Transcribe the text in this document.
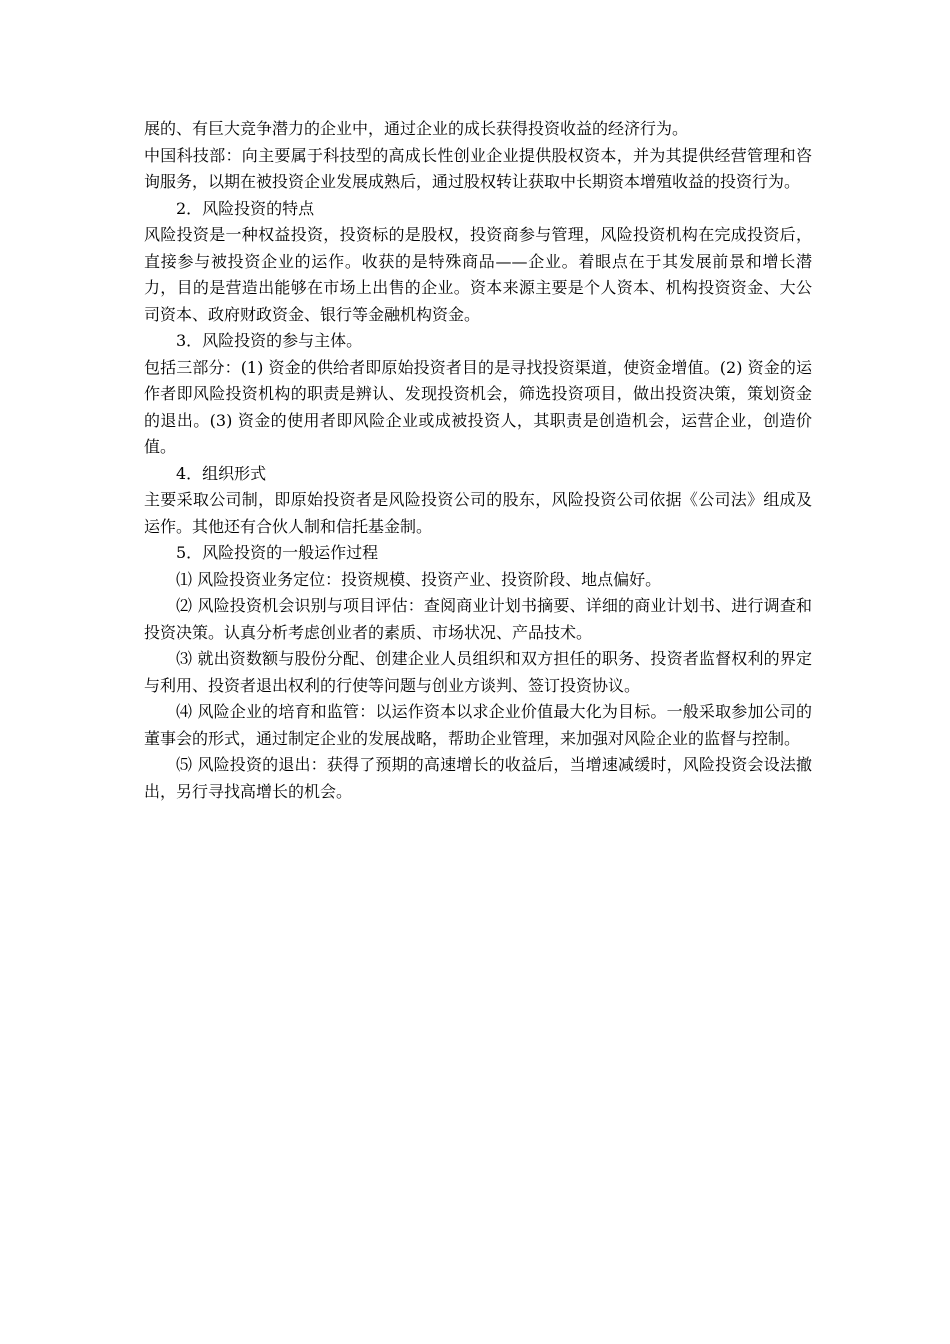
展的、有巨大竞争潜力的企业中，通过企业的成长获得投资收益的经济行为。

中国科技部：向主要属于科技型的高成长性创业企业提供股权资本，并为其提供经营管理和咨询服务，以期在被投资企业发展成熟后，通过股权转让获取中长期资本增殖收益的投资行为。

2．风险投资的特点

风险投资是一种权益投资，投资标的是股权，投资商参与管理，风险投资机构在完成投资后，直接参与被投资企业的运作。收获的是特殊商品——企业。着眼点在于其发展前景和增长潜力，目的是营造出能够在市场上出售的企业。资本来源主要是个人资本、机构投资资金、大公司资本、政府财政资金、银行等金融机构资金。

3．风险投资的参与主体。

包括三部分：(1) 资金的供给者即原始投资者目的是寻找投资渠道，使资金增值。(2) 资金的运作者即风险投资机构的职责是辨认、发现投资机会，筛选投资项目，做出投资决策，策划资金的退出。(3) 资金的使用者即风险企业或成被投资人，其职责是创造机会，运营企业，创造价值。

4．组织形式

主要采取公司制，即原始投资者是风险投资公司的股东，风险投资公司依据《公司法》组成及运作。其他还有合伙人制和信托基金制。

5．风险投资的一般运作过程

⑴ 风险投资业务定位：投资规模、投资产业、投资阶段、地点偏好。

⑵ 风险投资机会识别与项目评估：查阅商业计划书摘要、详细的商业计划书、进行调查和投资决策。认真分析考虑创业者的素质、市场状况、产品技术。

⑶ 就出资数额与股份分配、创建企业人员组织和双方担任的职务、投资者监督权利的界定与利用、投资者退出权利的行使等问题与创业方谈判、签订投资协议。

⑷ 风险企业的培育和监管：以运作资本以求企业价值最大化为目标。一般采取参加公司的董事会的形式，通过制定企业的发展战略，帮助企业管理，来加强对风险企业的监督与控制。

⑸ 风险投资的退出：获得了预期的高速增长的收益后，当增速减缓时，风险投资会设法撤出，另行寻找高增长的机会。
